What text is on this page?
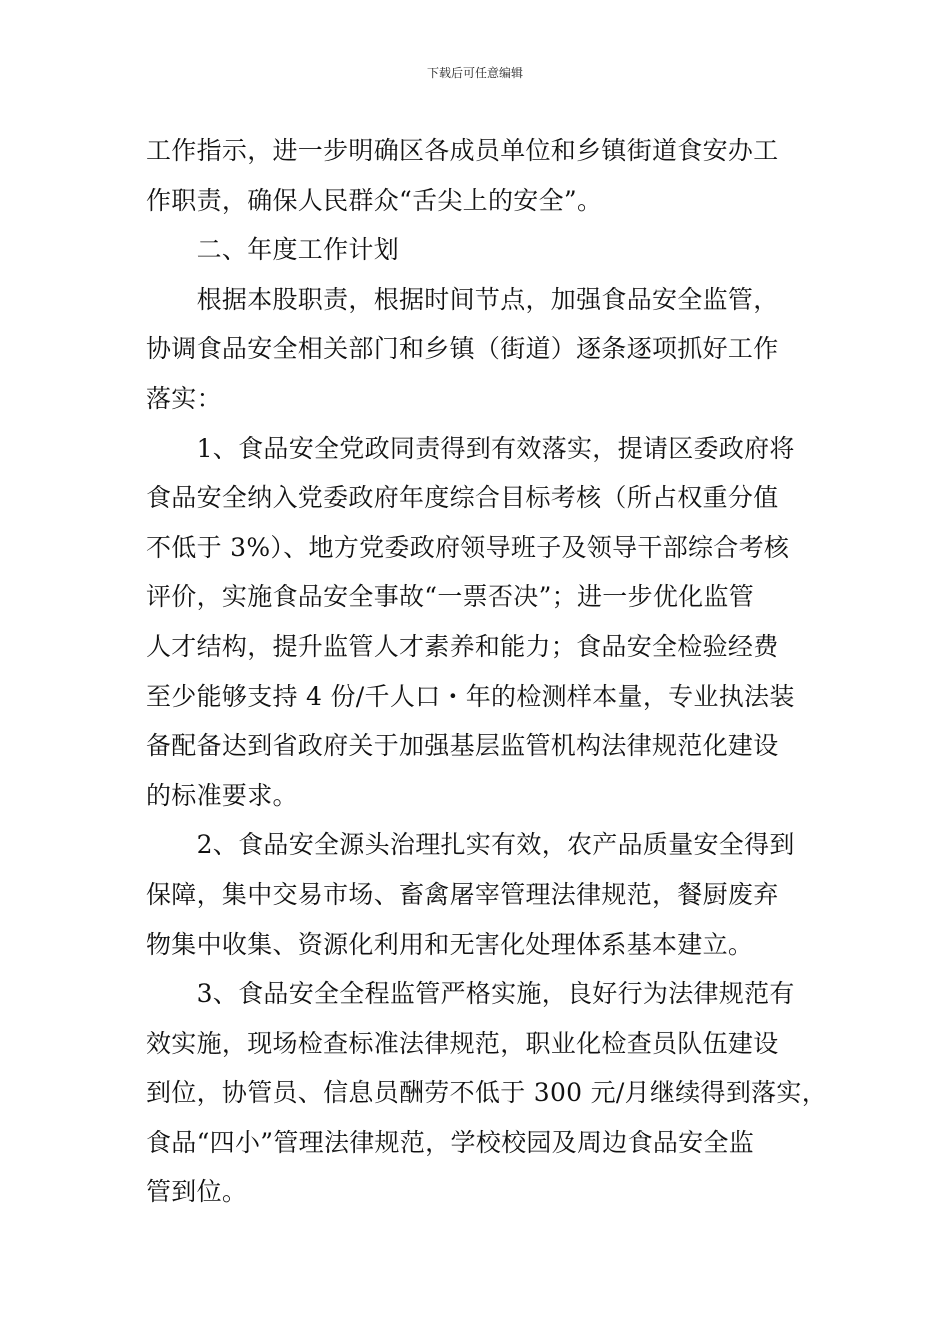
下载后可任意编辑
工作指示，进一步明确区各成员单位和乡镇街道食安办工
作职责，确保人民群众“舌尖上的安全”。
　　二、年度工作计划
　　根据本股职责，根据时间节点，加强食品安全监管，
协调食品安全相关部门和乡镇（街道）逐条逐项抓好工作
落实：
　　1、食品安全党政同责得到有效落实，提请区委政府将
食品安全纳入党委政府年度综合目标考核（所占权重分值
不低于 3%）、地方党委政府领导班子及领导干部综合考核
评价，实施食品安全事故“一票否决”；进一步优化监管
人才结构，提升监管人才素养和能力；食品安全检验经费
至少能够支持 4 份/千人口・年的检测样本量，专业执法装
备配备达到省政府关于加强基层监管机构法律规范化建设
的标准要求。
　　2、食品安全源头治理扎实有效，农产品质量安全得到
保障，集中交易市场、畜禽屠宰管理法律规范，餐厨废弃
物集中收集、资源化利用和无害化处理体系基本建立。
　　3、食品安全全程监管严格实施，良好行为法律规范有
效实施，现场检查标准法律规范，职业化检查员队伍建设
到位，协管员、信息员酬劳不低于 300 元/月继续得到落实，
食品“四小”管理法律规范，学校校园及周边食品安全监
管到位。
